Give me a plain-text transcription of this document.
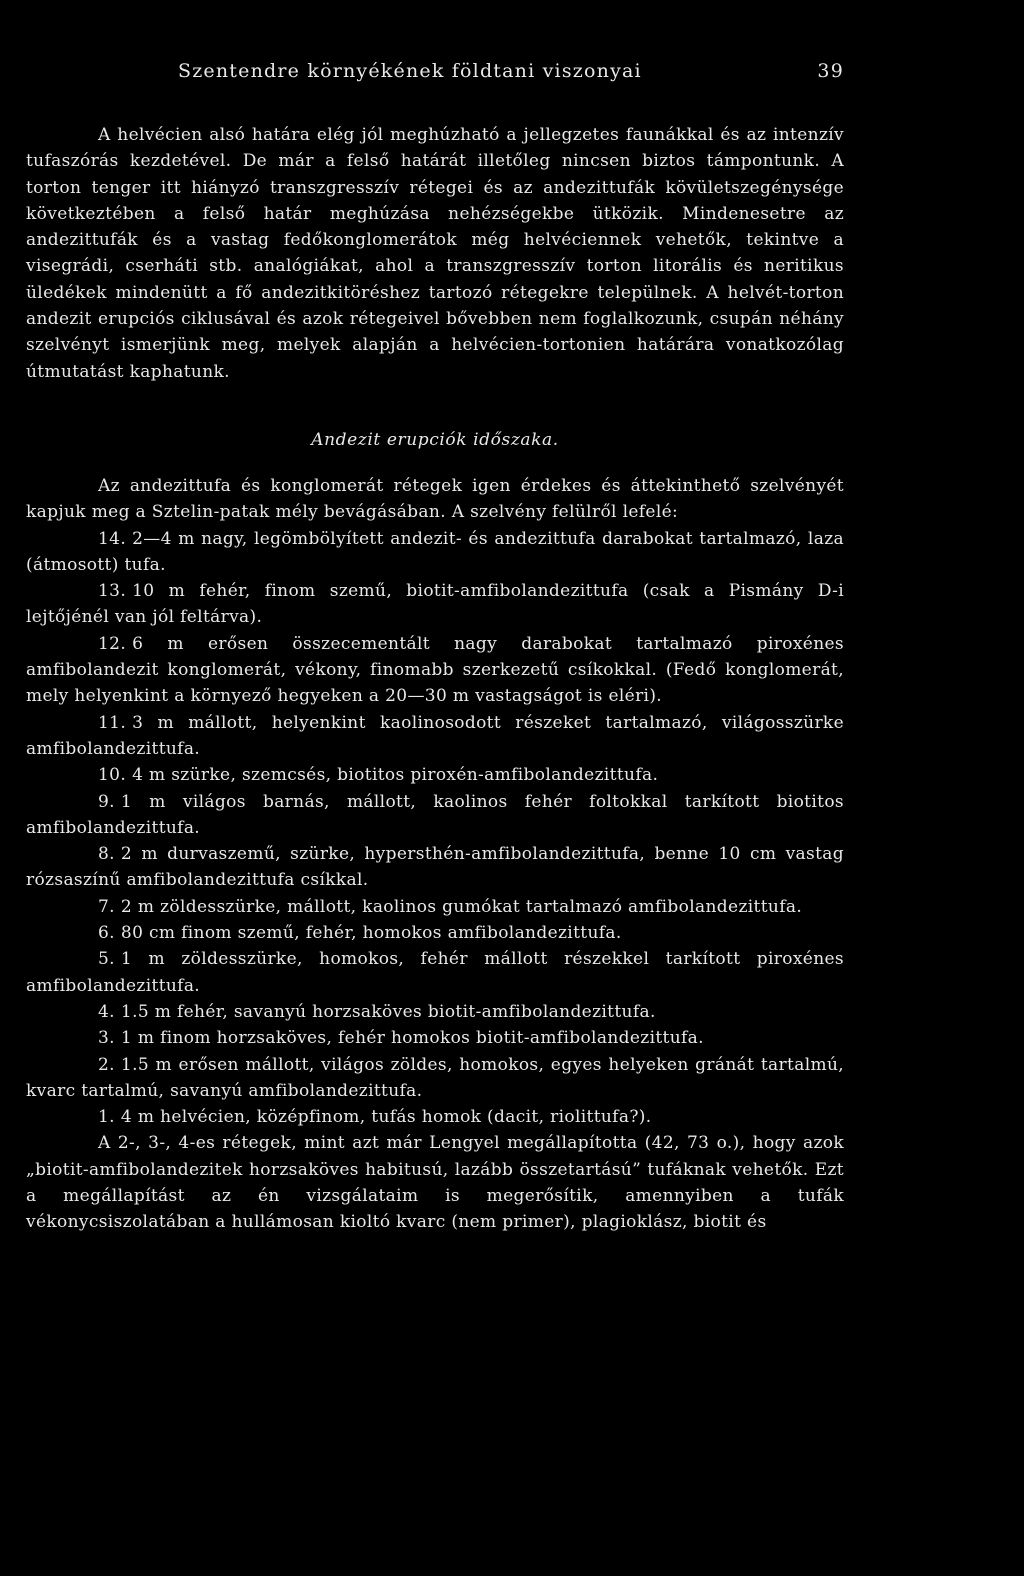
Szentendre környékének földtani viszonyai	39

A helvécien alsó határa elég jól meghúzható a jellegzetes faunákkal és az intenzív tufaszórás kezdetével. De már a felső határát illetőleg nincsen biztos támpontunk. A torton tenger itt hiányzó transzgresszív rétegei és az andezittufák kövületszegénysége következtében a felső határ meghúzása nehézségekbe ütközik. Mindenesetre az andezittufák és a vastag fedőkonglomerátok még helvéciennek vehetők, tekintve a visegrádi, cserháti stb. analógiákat, ahol a transzgresszív torton litorális és neritikus üledékek mindenütt a fő andezitkitöréshez tartozó rétegekre települnek. A helvét-torton andezit erupciós ciklusával és azok rétegeivel bővebben nem foglalkozunk, csupán néhány szelvényt ismerjünk meg, melyek alapján a helvécien-tortonien határára vonatkozólag útmutatást kaphatunk.

Andezit erupciók időszaka.

Az andezittufa és konglomerát rétegek igen érdekes és áttekinthető szelvényét kapjuk meg a Sztelin-patak mély bevágásában. A szelvény felülről lefelé:

14. 2—4 m nagy, legömbölyített andezit- és andezittufa darabokat tartalmazó, laza (átmosott) tufa.

13. 10 m fehér, finom szemű, biotit-amfibolandezittufa (csak a Pismány D-i lejtőjénél van jól feltárva).

12. 6 m erősen összecementált nagy darabokat tartalmazó piroxénes amfibolandezit konglomerát, vékony, finomabb szerkezetű csíkokkal. (Fedő konglomerát, mely helyenkint a környező hegyeken a 20—30 m vastagságot is eléri).

11. 3 m mállott, helyenkint kaolinosodott részeket tartalmazó, világosszürke amfibolandezittufa.

10. 4 m szürke, szemcsés, biotitos piroxén-amfibolandezittufa.

9. 1 m világos barnás, mállott, kaolinos fehér foltokkal tarkított biotitos amfibolandezittufa.

8. 2 m durvaszemű, szürke, hypersthén-amfibolandezittufa, benne 10 cm vastag rózsaszínű amfibolandezittufa csíkkal.

7. 2 m zöldesszürke, mállott, kaolinos gumókat tartalmazó amfibolandezittufa.

6. 80 cm finom szemű, fehér, homokos amfibolandezittufa.

5. 1 m zöldesszürke, homokos, fehér mállott részekkel tarkított piroxénes amfibolandezittufa.

4. 1.5 m fehér, savanyú horzsaköves biotit-amfibolandezittufa.

3. 1 m finom horzsaköves, fehér homokos biotit-amfibolandezittufa.

2. 1.5 m erősen mállott, világos zöldes, homokos, egyes helyeken gránát tartalmú, kvarc tartalmú, savanyú amfibolandezittufa.

1. 4 m helvécien, középfinom, tufás homok (dacit, riolittufa?).

A 2-, 3-, 4-es rétegek, mint azt már Lengyel megállapította (42, 73 o.), hogy azok „biotit-amfibolandezitek horzsaköves habitusú, lazább összetartású” tufáknak vehetők. Ezt a megállapítást az én vizsgálataim is megerősítik, amennyiben a tufák vékonycsiszolatában a hullámosan kioltó kvarc (nem primer), plagioklász, biotit és
